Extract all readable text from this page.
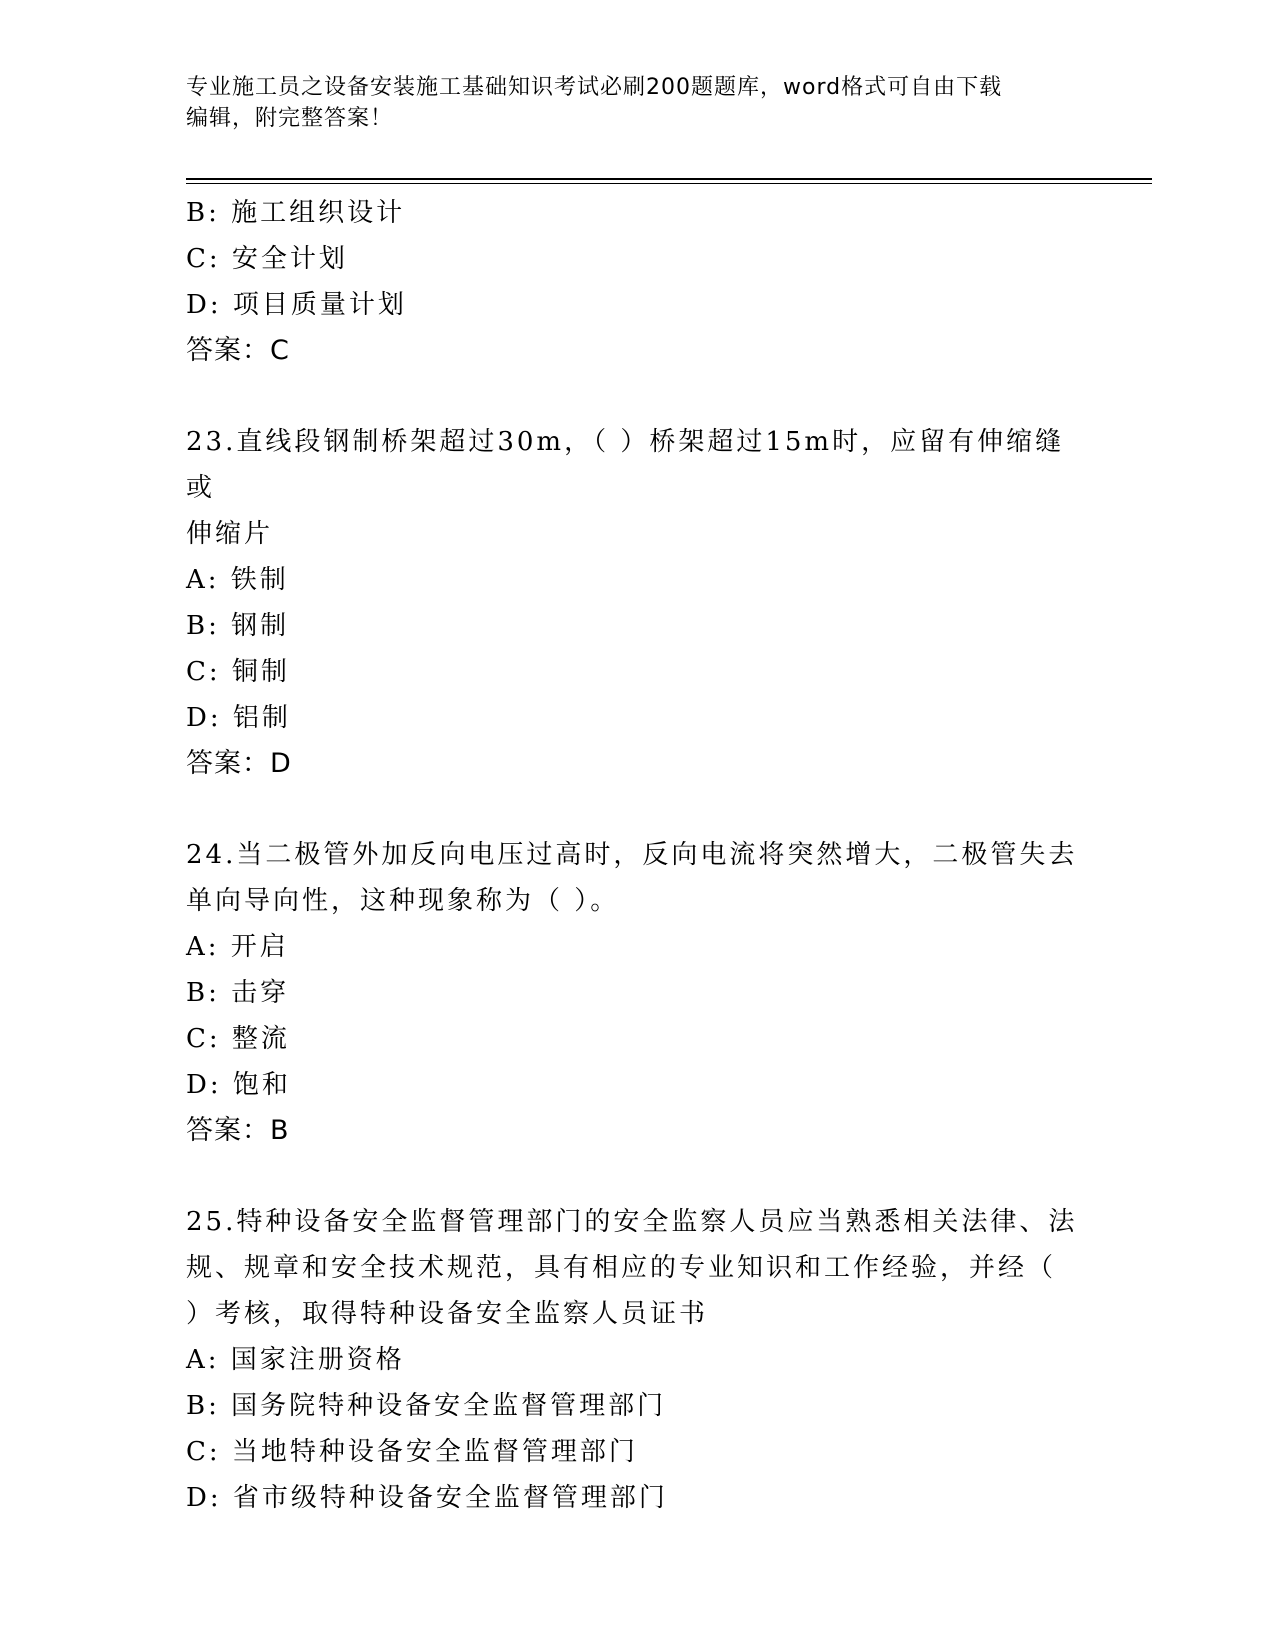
专业施工员之设备安装施工基础知识考试必刷200题题库，word格式可自由下载
编辑，附完整答案！
B: 施工组织设计
C: 安全计划
D: 项目质量计划
答案：C
23.直线段钢制桥架超过30m，（ ）桥架超过15m时，应留有伸缩缝或
伸缩片
A: 铁制
B: 钢制
C: 铜制
D: 铝制
答案：D
24.当二极管外加反向电压过高时，反向电流将突然增大，二极管失去
单向导向性，这种现象称为（ ）。
A: 开启
B: 击穿
C: 整流
D: 饱和
答案：B
25.特种设备安全监督管理部门的安全监察人员应当熟悉相关法律、法
规、规章和安全技术规范，具有相应的专业知识和工作经验，并经（
）考核，取得特种设备安全监察人员证书
A: 国家注册资格
B: 国务院特种设备安全监督管理部门
C: 当地特种设备安全监督管理部门
D: 省市级特种设备安全监督管理部门
